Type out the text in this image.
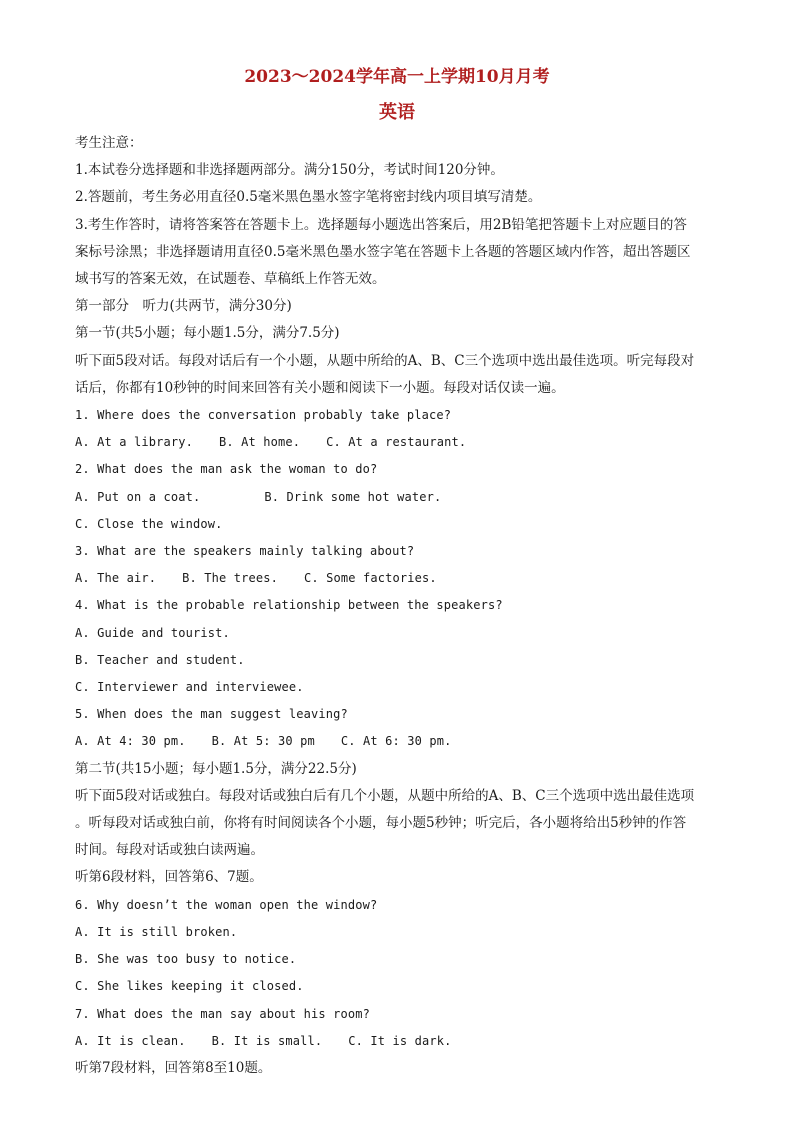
2023～2024学年高一上学期10月月考
英语
考生注意：
1.本试卷分选择题和非选择题两部分。满分150分，考试时间120分钟。
2.答题前，考生务必用直径0.5毫米黑色墨水签字笔将密封线内项目填写清楚。
3.考生作答时，请将答案答在答题卡上。选择题每小题选出答案后，用2B铅笔把答题卡上对应题目的答
案标号涂黑；非选择题请用直径0.5毫米黑色墨水签字笔在答题卡上各题的答题区域内作答，超出答题区
域书写的答案无效，在试题卷、草稿纸上作答无效。
第一部分　听力(共两节，满分30分)
第一节(共5小题；每小题1.5分，满分7.5分)
听下面5段对话。每段对话后有一个小题，从题中所给的A、B、C三个选项中选出最佳选项。听完每段对
话后，你都有10秒钟的时间来回答有关小题和阅读下一小题。每段对话仅读一遍。
1. Where does the conversation probably take place?
A. At a library. B. At home. C. At a restaurant.
2. What does the man ask the woman to do?
A. Put on a coat.	B. Drink some hot water.
C. Close the window.
3. What are the speakers mainly talking about?
A. The air. B. The trees. C. Some factories.
4. What is the probable relationship between the speakers?
A. Guide and tourist.
B. Teacher and student.
C. Interviewer and interviewee.
5. When does the man suggest leaving?
A. At 4: 30 pm. B. At 5: 30 pm C. At 6: 30 pm.
第二节(共15小题；每小题1.5分，满分22.5分)
听下面5段对话或独白。每段对话或独白后有几个小题，从题中所给的A、B、C三个选项中选出最佳选项
。听每段对话或独白前，你将有时间阅读各个小题，每小题5秒钟；听完后，各小题将给出5秒钟的作答
时间。每段对话或独白读两遍。
听第6段材料，回答第6、7题。
6. Why doesn’t the woman open the window?
A. It is still broken.
B. She was too busy to notice.
C. She likes keeping it closed.
7. What does the man say about his room?
A. It is clean. B. It is small. C. It is dark.
听第7段材料，回答第8至10题。
